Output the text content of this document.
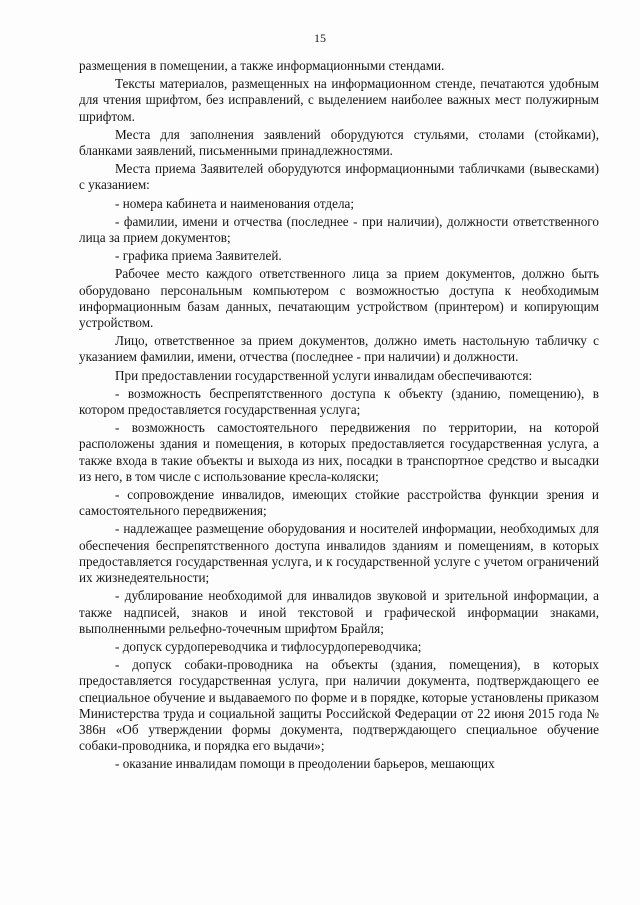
15

размещения в помещении, а также информационными стендами.

Тексты материалов, размещенных на информационном стенде, печатаются удобным для чтения шрифтом, без исправлений, с выделением наиболее важных мест полужирным шрифтом.

Места для заполнения заявлений оборудуются стульями, столами (стойками), бланками заявлений, письменными принадлежностями.

Места приема Заявителей оборудуются информационными табличками (вывесками) с указанием:

- номера кабинета и наименования отдела;

- фамилии, имени и отчества (последнее - при наличии), должности ответственного лица за прием документов;

- графика приема Заявителей.

Рабочее место каждого ответственного лица за прием документов, должно быть оборудовано персональным компьютером с возможностью доступа к необходимым информационным базам данных, печатающим устройством (принтером) и копирующим устройством.

Лицо, ответственное за прием документов, должно иметь настольную табличку с указанием фамилии, имени, отчества (последнее - при наличии) и должности.

При предоставлении государственной услуги инвалидам обеспечиваются:

- возможность беспрепятственного доступа к объекту (зданию, помещению), в котором предоставляется государственная услуга;

- возможность самостоятельного передвижения по территории, на которой расположены здания и помещения, в которых предоставляется государственная услуга, а также входа в такие объекты и выхода из них, посадки в транспортное средство и высадки из него, в том числе с использование кресла-коляски;

- сопровождение инвалидов, имеющих стойкие расстройства функции зрения и самостоятельного передвижения;

- надлежащее размещение оборудования и носителей информации, необходимых для обеспечения беспрепятственного доступа инвалидов зданиям и помещениям, в которых предоставляется государственная услуга, и к государственной услуге с учетом ограничений их жизнедеятельности;

- дублирование необходимой для инвалидов звуковой и зрительной информации, а также надписей, знаков и иной текстовой и графической информации знаками, выполненными рельефно-точечным шрифтом Брайля;

- допуск сурдопереводчика и тифлосурдопереводчика;

- допуск собаки-проводника на объекты (здания, помещения), в которых предоставляется государственная услуга, при наличии документа, подтверждающего ее специальное обучение и выдаваемого по форме и в порядке, которые установлены приказом Министерства труда и социальной защиты Российской Федерации от 22 июня 2015 года № 386н «Об утверждении формы документа, подтверждающего специальное обучение собаки-проводника, и порядка его выдачи»;

- оказание инвалидам помощи в преодолении барьеров, мешающих
